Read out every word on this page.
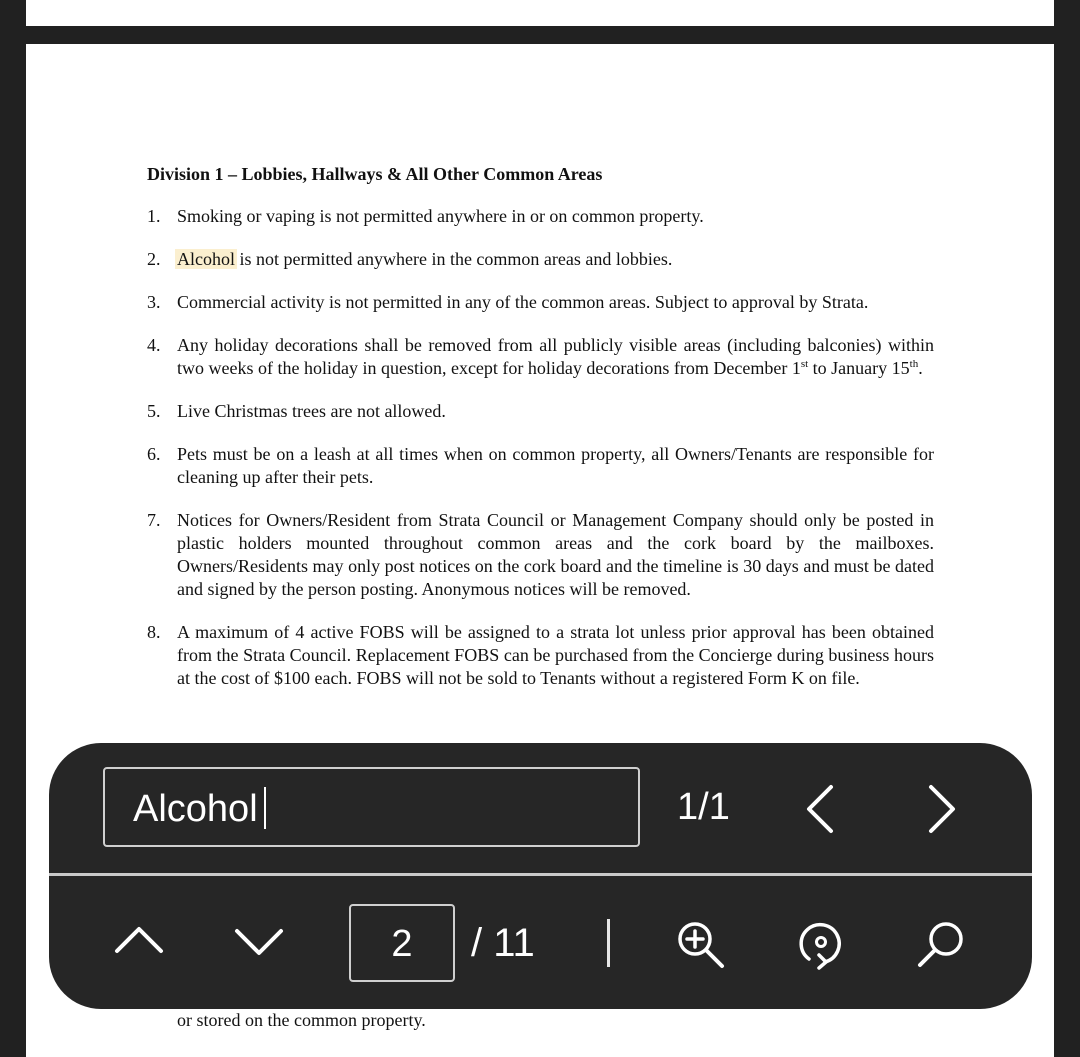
Division 1 – Lobbies, Hallways & All Other Common Areas

1. Smoking or vaping is not permitted anywhere in or on common property.
2. Alcohol is not permitted anywhere in the common areas and lobbies.
3. Commercial activity is not permitted in any of the common areas. Subject to approval by Strata.
4. Any holiday decorations shall be removed from all publicly visible areas (including balconies) within two weeks of the holiday in question, except for holiday decorations from December 1st to January 15th.
5. Live Christmas trees are not allowed.
6. Pets must be on a leash at all times when on common property, all Owners/Tenants are responsible for cleaning up after their pets.
7. Notices for Owners/Resident from Strata Council or Management Company should only be posted in plastic holders mounted throughout common areas and the cork board by the mailboxes. Owners/Residents may only post notices on the cork board and the timeline is 30 days and must be dated and signed by the person posting. Anonymous notices will be removed.
8. A maximum of 4 active FOBS will be assigned to a strata lot unless prior approval has been obtained from the Strata Council. Replacement FOBS can be purchased from the Concierge during business hours at the cost of $100 each. FOBS will not be sold to Tenants without a registered Form K on file.
or stored on the common property.
Alcohol	1/1
2	/ 11
